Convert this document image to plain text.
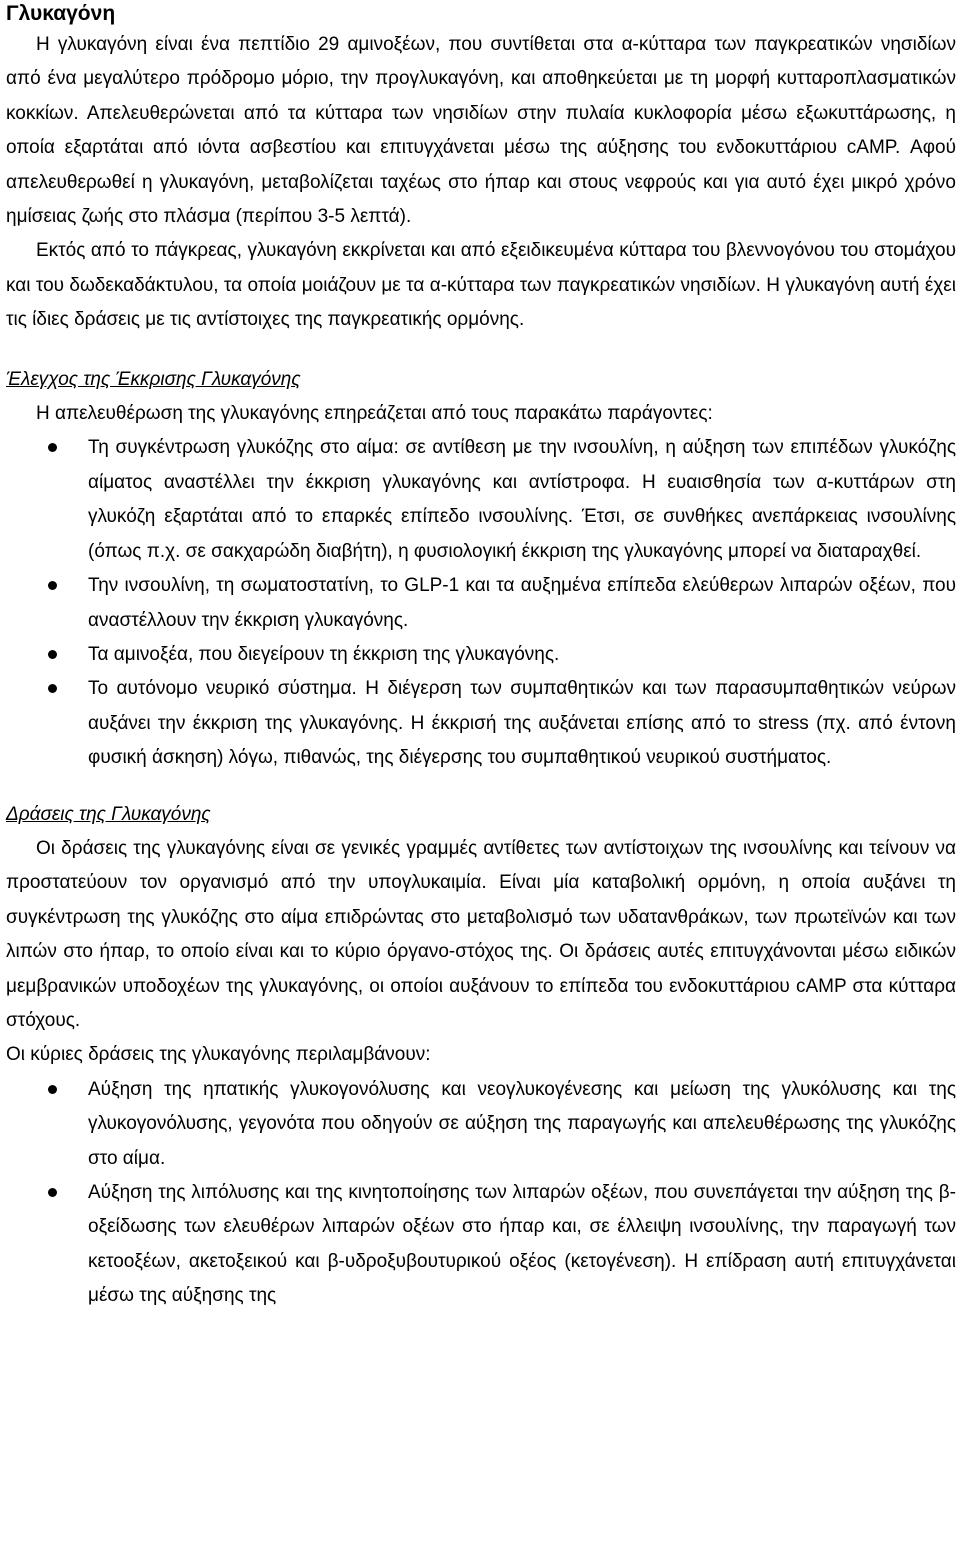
Γλυκαγόνη

Η γλυκαγόνη είναι ένα πεπτίδιο 29 αμινοξέων, που συντίθεται στα α-κύτταρα των παγκρεατικών νησιδίων από ένα μεγαλύτερο πρόδρομο μόριο, την προγλυκαγόνη, και αποθηκεύεται με τη μορφή κυτταροπλασματικών κοκκίων. Απελευθερώνεται από τα κύτταρα των νησιδίων στην πυλαία κυκλοφορία μέσω εξωκυττάρωσης, η οποία εξαρτάται από ιόντα ασβεστίου και επιτυγχάνεται μέσω της αύξησης του ενδοκυττάριου cAMP. Αφού απελευθερωθεί η γλυκαγόνη, μεταβολίζεται ταχέως στο ήπαρ και στους νεφρούς και για αυτό έχει μικρό χρόνο ημίσειας ζωής στο πλάσμα (περίπου 3-5 λεπτά).

Εκτός από το πάγκρεας, γλυκαγόνη εκκρίνεται και από εξειδικευμένα κύτταρα του βλεννογόνου του στομάχου και του δωδεκαδάκτυλου, τα οποία μοιάζουν με τα α-κύτταρα των παγκρεατικών νησιδίων. Η γλυκαγόνη αυτή έχει τις ίδιες δράσεις με τις αντίστοιχες της παγκρεατικής ορμόνης.

Έλεγχος της Έκκρισης Γλυκαγόνης

Η απελευθέρωση της γλυκαγόνης επηρεάζεται από τους παρακάτω παράγοντες:

Τη συγκέντρωση γλυκόζης στο αίμα: σε αντίθεση με την ινσουλίνη, η αύξηση των επιπέδων γλυκόζης αίματος αναστέλλει την έκκριση γλυκαγόνης και αντίστροφα. Η ευαισθησία των α-κυττάρων στη γλυκόζη εξαρτάται από το επαρκές επίπεδο ινσουλίνης. Έτσι, σε συνθήκες ανεπάρκειας ινσουλίνης (όπως π.χ. σε σακχαρώδη διαβήτη), η φυσιολογική έκκριση της γλυκαγόνης μπορεί να διαταραχθεί.
Την ινσουλίνη, τη σωματοστατίνη, το GLP-1 και τα αυξημένα επίπεδα ελεύθερων λιπαρών οξέων, που αναστέλλουν την έκκριση γλυκαγόνης.
Τα αμινοξέα, που διεγείρουν τη έκκριση της γλυκαγόνης.
Το αυτόνομο νευρικό σύστημα. Η διέγερση των συμπαθητικών και των παρασυμπαθητικών νεύρων αυξάνει την έκκριση της γλυκαγόνης. Η έκκρισή της αυξάνεται επίσης από το stress (πχ. από έντονη φυσική άσκηση) λόγω, πιθανώς, της διέγερσης του συμπαθητικού νευρικού συστήματος.

Δράσεις της Γλυκαγόνης

Οι δράσεις της γλυκαγόνης είναι σε γενικές γραμμές αντίθετες των αντίστοιχων της ινσουλίνης και τείνουν να προστατεύουν τον οργανισμό από την υπογλυκαιμία. Είναι μία καταβολική ορμόνη, η οποία αυξάνει τη συγκέντρωση της γλυκόζης στο αίμα επιδρώντας στο μεταβολισμό των υδατανθράκων, των πρωτεϊνών και των λιπών στο ήπαρ, το οποίο είναι και το κύριο όργανο-στόχος της. Οι δράσεις αυτές επιτυγχάνονται μέσω ειδικών μεμβρανικών υποδοχέων της γλυκαγόνης, οι οποίοι αυξάνουν το επίπεδα του ενδοκυττάριου cAMP στα κύτταρα στόχους.

Οι κύριες δράσεις της γλυκαγόνης περιλαμβάνουν:

Αύξηση της ηπατικής γλυκογονόλυσης και νεογλυκογένεσης και μείωση της γλυκόλυσης και της γλυκογονόλυσης, γεγονότα που οδηγούν σε αύξηση της παραγωγής και απελευθέρωσης της γλυκόζης στο αίμα.
Αύξηση της λιπόλυσης και της κινητοποίησης των λιπαρών οξέων, που συνεπάγεται την αύξηση της β-οξείδωσης των ελευθέρων λιπαρών οξέων στο ήπαρ και, σε έλλειψη ινσουλίνης, την παραγωγή των κετοοξέων, ακετοξεικού και β-υδροξυβουτυρικού οξέος (κετογένεση). Η επίδραση αυτή επιτυγχάνεται μέσω της αύξησης της
